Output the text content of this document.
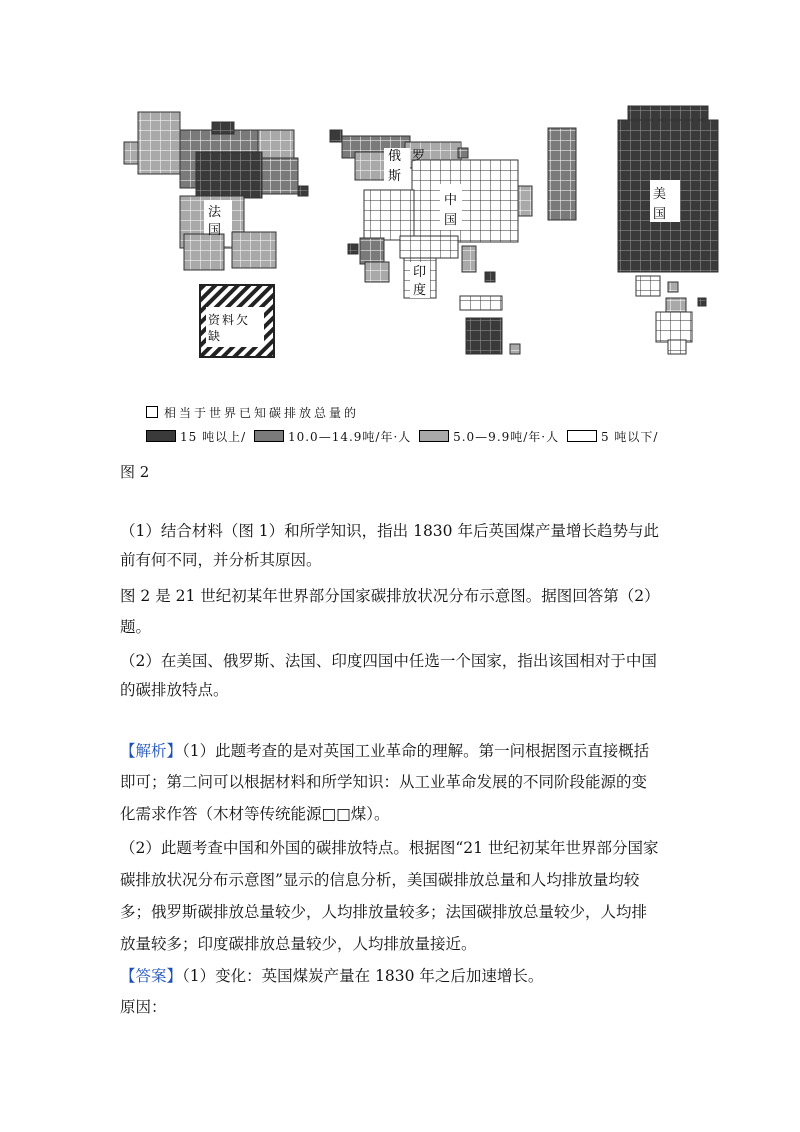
法
国
资 料 欠
缺
俄 罗
斯
中
国
印
度
美
国
相当于世界已知碳排放总量的
15 吨以上/	10.0—14.9吨/年·人	5.0—9.9吨/年·人	5 吨以下/
图 2
（1）结合材料（图 1）和所学知识，指出 1830 年后英国煤产量增长趋势与此
前有何不同，并分析其原因。
图 2 是 21 世纪初某年世界部分国家碳排放状况分布示意图。据图回答第（2）
题。
（2）在美国、俄罗斯、法国、印度四国中任选一个国家，指出该国相对于中国
的碳排放特点。
【解析】（1）此题考查的是对英国工业革命的理解。第一问根据图示直接概括
即可；第二问可以根据材料和所学知识：从工业革命发展的不同阶段能源的变
化需求作答（木材等传统能源□□煤）。
（2）此题考查中国和外国的碳排放特点。根据图“21 世纪初某年世界部分国家
碳排放状况分布示意图”显示的信息分析，美国碳排放总量和人均排放量均较
多；俄罗斯碳排放总量较少，人均排放量较多；法国碳排放总量较少，人均排
放量较多；印度碳排放总量较少，人均排放量接近。
【答案】（1）变化：英国煤炭产量在 1830 年之后加速增长。
原因：
